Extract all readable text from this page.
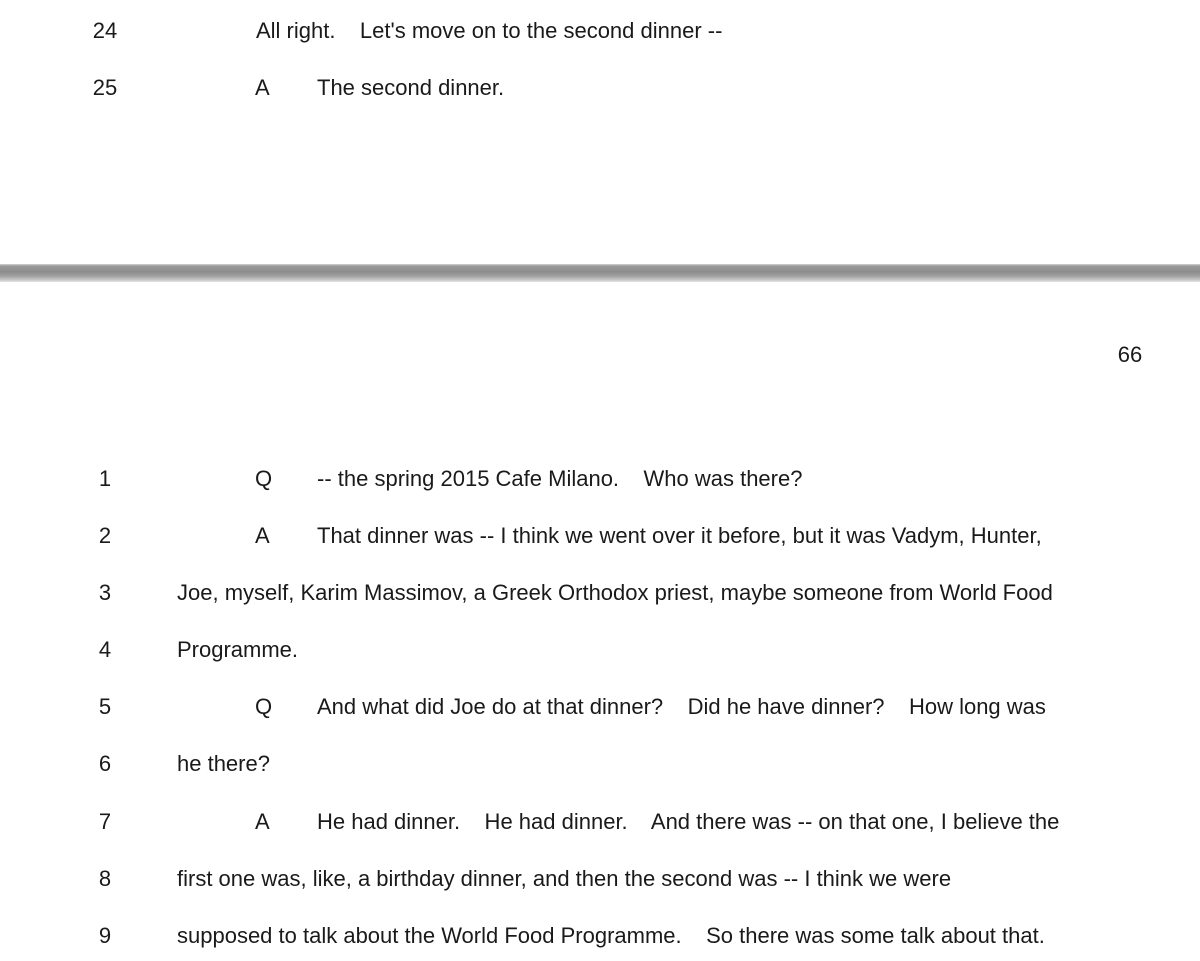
24	All right.    Let's move on to the second dinner --
25	A The second dinner.
66
1	Q -- the spring 2015 Cafe Milano.    Who was there?
2	A That dinner was -- I think we went over it before, but it was Vadym, Hunter,
3	Joe, myself, Karim Massimov, a Greek Orthodox priest, maybe someone from World Food
4	Programme.
5	Q And what did Joe do at that dinner?    Did he have dinner?    How long was
6	he there?
7	A He had dinner.    He had dinner.    And there was -- on that one, I believe the
8	first one was, like, a birthday dinner, and then the second was -- I think we were
9	supposed to talk about the World Food Programme.    So there was some talk about that.
